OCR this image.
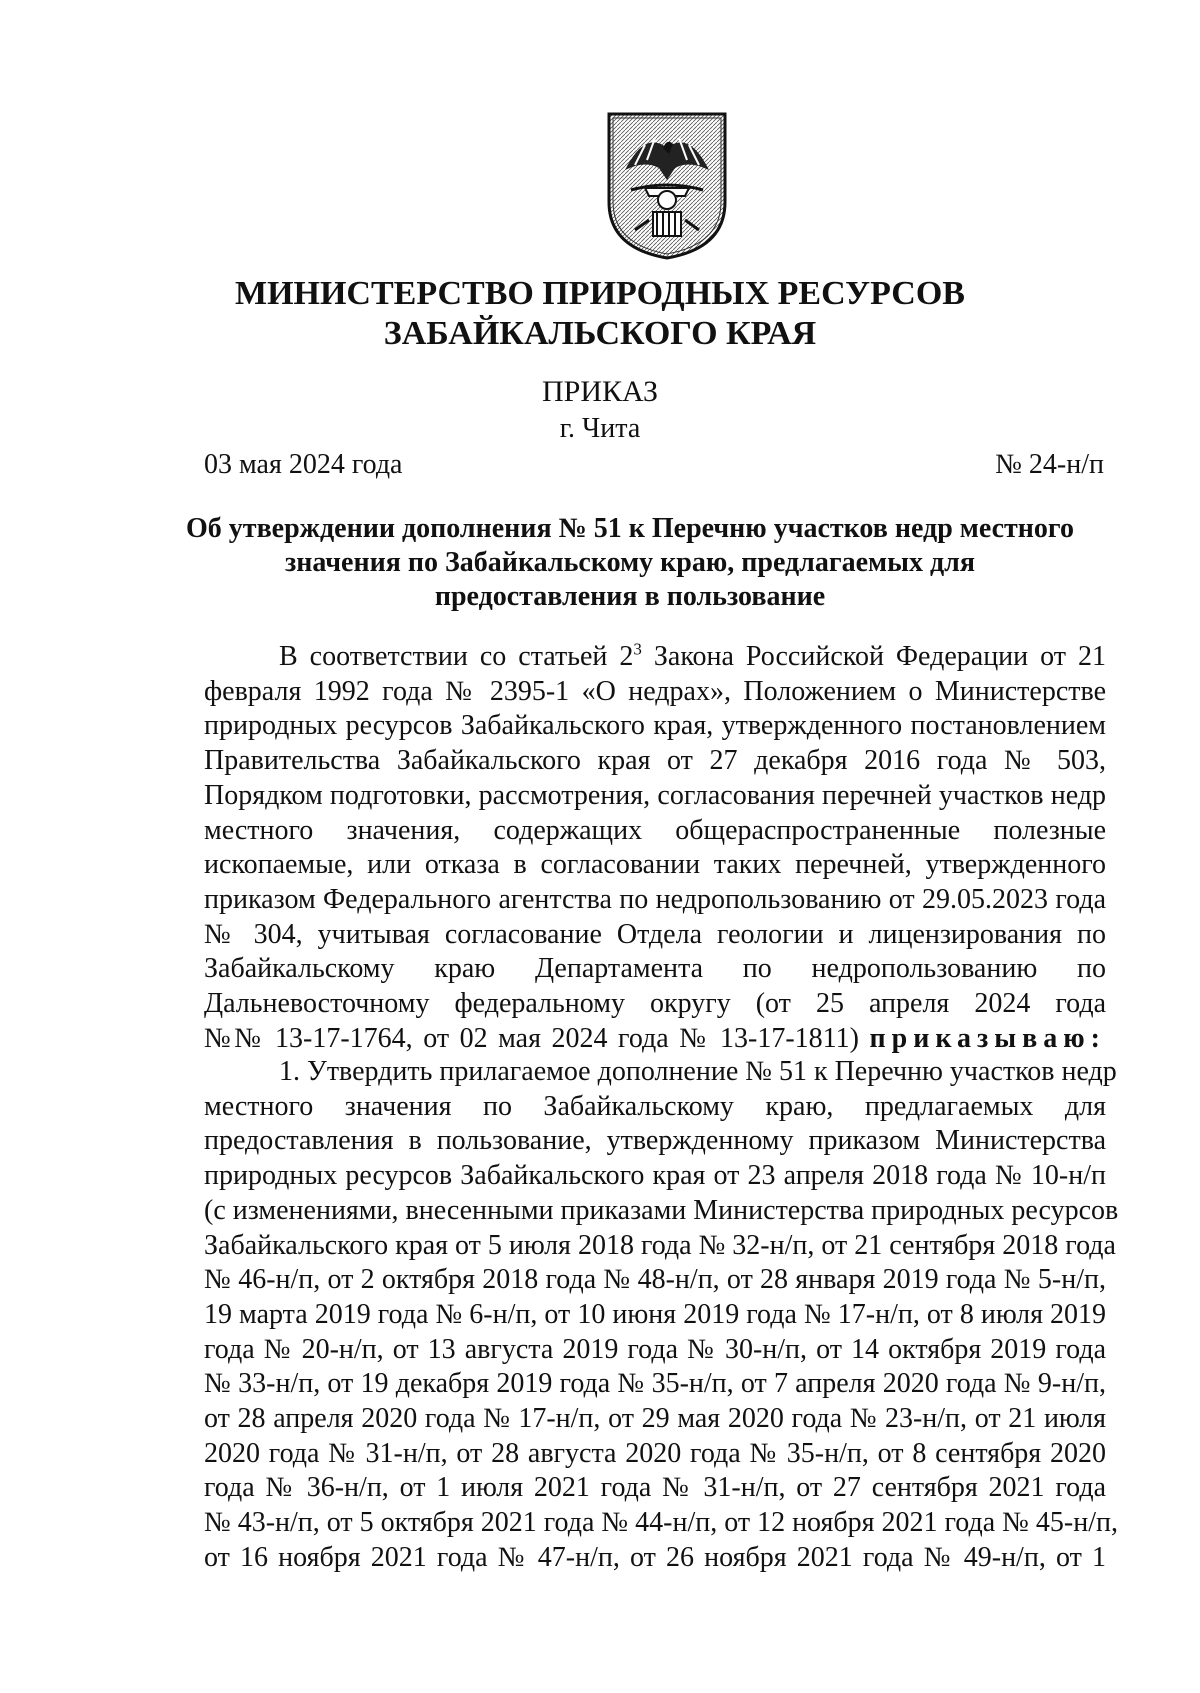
МИНИСТЕРСТВО ПРИРОДНЫХ РЕСУРСОВ
ЗАБАЙКАЛЬСКОГО КРАЯ
ПРИКАЗ
г. Чита
03 мая 2024 года	№ 24-н/п
Об утверждении дополнения № 51 к Перечню участков недр местного
значения по Забайкальскому краю, предлагаемых для
предоставления в пользование
В соответствии со статьей $2^3$ Закона Российской Федерации от 21
февраля 1992 года № 2395-1 «О недрах», Положением о Министерстве
природных ресурсов Забайкальского края, утвержденного постановлением
Правительства Забайкальского края от 27 декабря 2016 года № 503,
Порядком подготовки, рассмотрения, согласования перечней участков недр
местного значения, содержащих общераспространенные полезные
ископаемые, или отказа в согласовании таких перечней, утвержденного
приказом Федерального агентства по недропользованию от 29.05.2023 года
№ 304, учитывая согласование Отдела геологии и лицензирования по
Забайкальскому краю Департамента по недропользованию по
Дальневосточному федеральному округу (от 25 апреля 2024 года
№№ 13-17-1764, от 02 мая 2024 года № 13-17-1811) приказываю:
1. Утвердить прилагаемое дополнение № 51 к Перечню участков недр
местного значения по Забайкальскому краю, предлагаемых для
предоставления в пользование, утвержденному приказом Министерства
природных ресурсов Забайкальского края от 23 апреля 2018 года № 10-н/п
(с изменениями, внесенными приказами Министерства природных ресурсов
Забайкальского края от 5 июля 2018 года № 32-н/п, от 21 сентября 2018 года
№ 46-н/п, от 2 октября 2018 года № 48-н/п, от 28 января 2019 года № 5-н/п,
19 марта 2019 года № 6-н/п, от 10 июня 2019 года № 17-н/п, от 8 июля 2019
года № 20-н/п, от 13 августа 2019 года № 30-н/п, от 14 октября 2019 года
№ 33-н/п, от 19 декабря 2019 года № 35-н/п, от 7 апреля 2020 года № 9-н/п,
от 28 апреля 2020 года № 17-н/п, от 29 мая 2020 года № 23-н/п, от 21 июля
2020 года № 31-н/п, от 28 августа 2020 года № 35-н/п, от 8 сентября 2020
года № 36-н/п, от 1 июля 2021 года № 31-н/п, от 27 сентября 2021 года
№ 43-н/п, от 5 октября 2021 года № 44-н/п, от 12 ноября 2021 года № 45-н/п,
от 16 ноября 2021 года № 47-н/п, от 26 ноября 2021 года № 49-н/п, от 1
